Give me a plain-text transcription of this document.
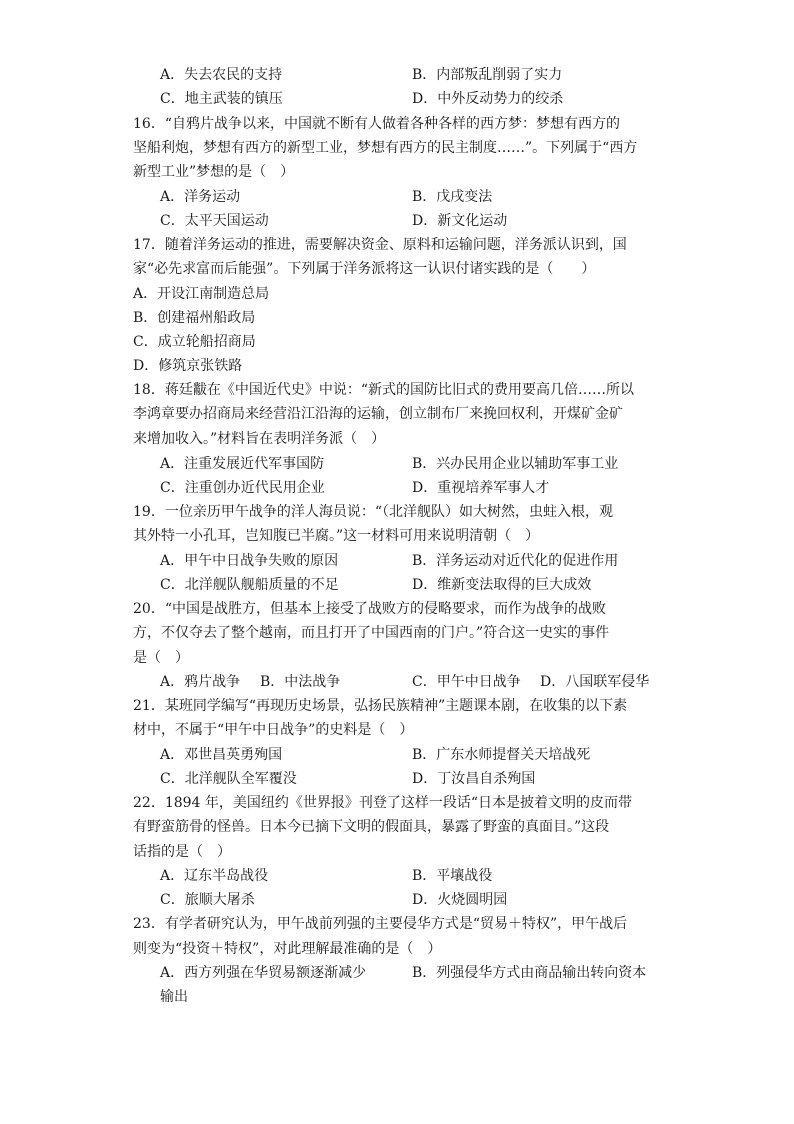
A．失去农民的支持	B．内部叛乱削弱了实力
C．地主武装的镇压	D．中外反动势力的绞杀
16．“自鸦片战争以来，中国就不断有人做着各种各样的西方梦：梦想有西方的
坚船利炮，梦想有西方的新型工业，梦想有西方的民主制度……”。下列属于“西方
新型工业”梦想的是（　）
A．洋务运动	B．戊戌变法
C．太平天国运动	D．新文化运动
17．随着洋务运动的推进，需要解决资金、原料和运输问题，洋务派认识到，国
家“必先求富而后能强”。下列属于洋务派将这一认识付诸实践的是（　　）
A．开设江南制造总局
B．创建福州船政局
C．成立轮船招商局
D．修筑京张铁路
18．蒋廷黻在《中国近代史》中说：“新式的国防比旧式的费用要高几倍……所以
李鸿章要办招商局来经营沿江沿海的运输，创立制布厂来挽回权利，开煤矿金矿
来增加收入。”材料旨在表明洋务派（　）
A．注重发展近代军事国防	B．兴办民用企业以辅助军事工业
C．注重创办近代民用企业	D．重视培养军事人才
19．一位亲历甲午战争的洋人海员说：“（北洋舰队）如大树然，虫蛀入根，观
其外特一小孔耳，岂知腹已半腐。”这一材料可用来说明清朝（　）
A．甲午中日战争失败的原因	B．洋务运动对近代化的促进作用
C．北洋舰队舰船质量的不足	D．维新变法取得的巨大成效
20．“中国是战胜方，但基本上接受了战败方的侵略要求，而作为战争的战败
方，不仅夺去了整个越南，而且打开了中国西南的门户。”符合这一史实的事件
是（　）
A．鸦片战争 B．中法战争	C．甲午中日战争 D．八国联军侵华
21．某班同学编写“再现历史场景，弘扬民族精神”主题课本剧，在收集的以下素
材中，不属于“甲午中日战争”的史料是（　）
A．邓世昌英勇殉国	B．广东水师提督关天培战死
C．北洋舰队全军覆没	D．丁汝昌自杀殉国
22．1894 年，美国纽约《世界报》刊登了这样一段话“日本是披着文明的皮而带
有野蛮筋骨的怪兽。日本今已摘下文明的假面具，暴露了野蛮的真面目。”这段
话指的是（　）
A．辽东半岛战役	B．平壤战役
C．旅顺大屠杀	D．火烧圆明园
23．有学者研究认为，甲午战前列强的主要侵华方式是“贸易＋特权”，甲午战后
则变为“投资＋特权”，对此理解最准确的是（　）
A．西方列强在华贸易额逐渐减少	B．列强侵华方式由商品输出转向资本
输出
